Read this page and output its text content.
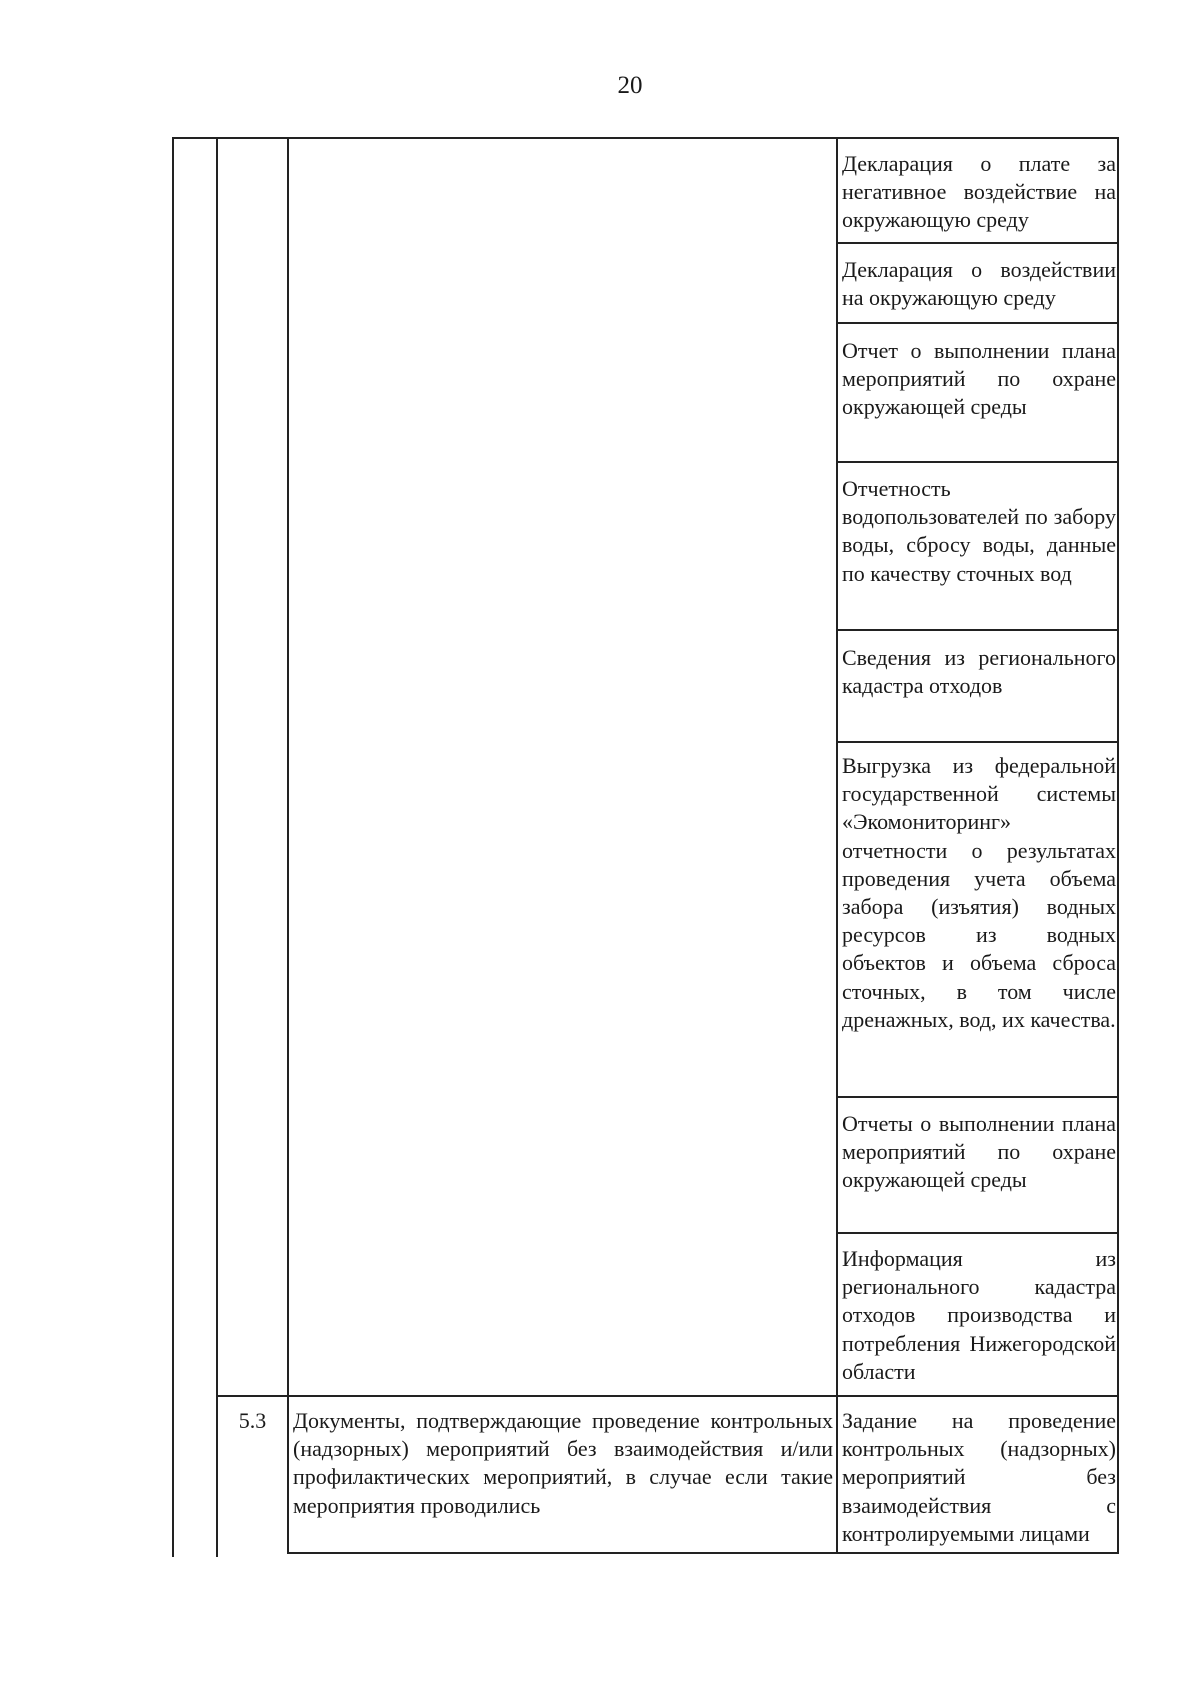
20
Декларация о плате за негативное воздействие на окружающую среду
Декларация о воздействии на окружающую среду
Отчет о выполнении плана мероприятий по охране окружающей среды
Отчетность водопользователей по забору воды, сбросу воды, данные по качеству сточных вод
Сведения из регионального кадастра отходов
Выгрузка из федеральной государственной системы «Экомониторинг» отчетности о результатах проведения учета объема забора (изъятия) водных ресурсов из водных объектов и объема сброса сточных, в том числе дренажных, вод, их качества.
Отчеты о выполнении плана мероприятий по охране окружающей среды
Информация из регионального кадастра отходов производства и потребления Нижегородской области
5.3	Документы, подтверждающие проведение контрольных (надзорных) мероприятий без взаимодействия и/или профилактических мероприятий, в случае если такие мероприятия проводились
Задание на проведение контрольных (надзорных) мероприятий без взаимодействия с контролируемыми лицами
